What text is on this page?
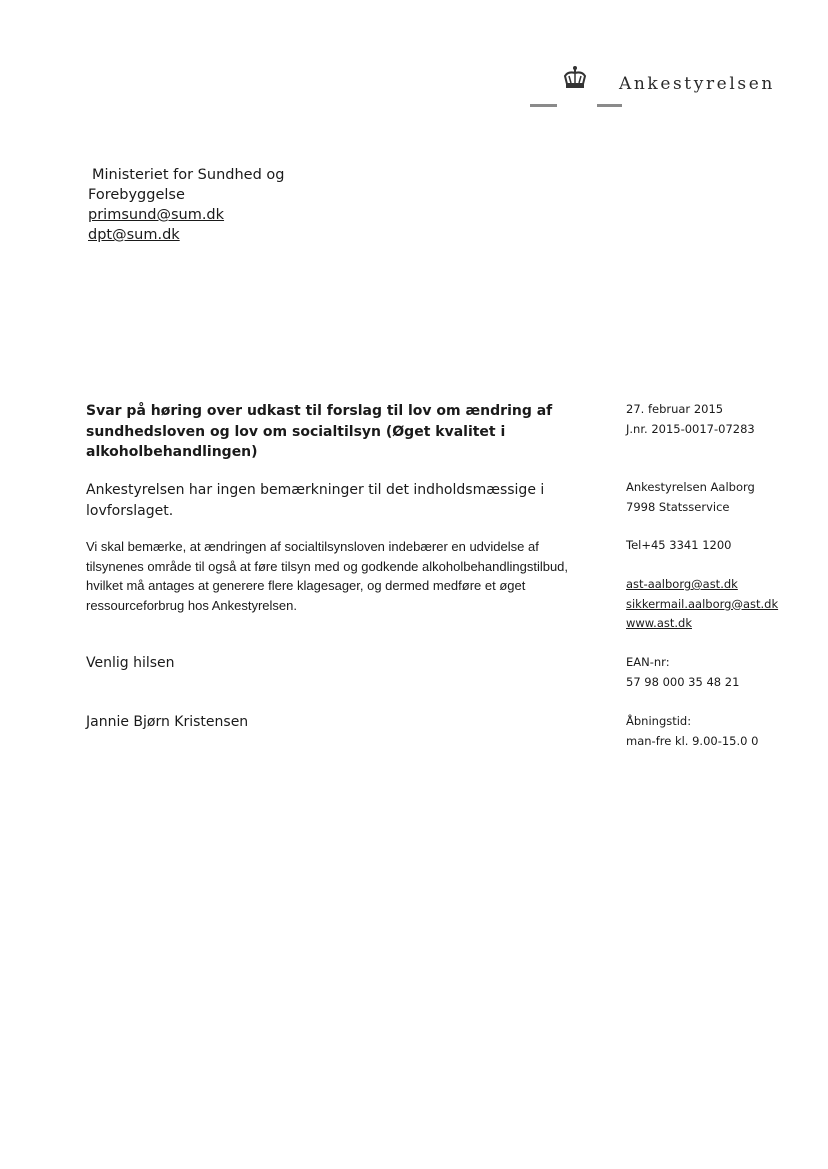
Ankestyrelsen
Ministeriet for Sundhed og
Forebyggelse
primsund@sum.dk
dpt@sum.dk
Svar på høring over udkast til forslag til lov om ændring af sundhedsloven og lov om socialtilsyn (Øget kvalitet i alkoholbehandlingen)
Ankestyrelsen har ingen bemærkninger til det indholdsmæssige i lovforslaget.
Vi skal bemærke, at ændringen af socialtilsynsloven indebærer en udvidelse af tilsynenes område til også at føre tilsyn med og godkende alkoholbehandlingstilbud, hvilket må antages at generere flere klagesager, og dermed medføre et øget ressourceforbrug hos Ankestyrelsen.
Venlig hilsen
Jannie Bjørn Kristensen
27. februar 2015
J.nr. 2015-0017-07283
Ankestyrelsen Aalborg
7998 Statsservice
Tel+45 3341 1200
ast-aalborg@ast.dk
sikkermail.aalborg@ast.dk
www.ast.dk
EAN-nr:
57 98 000 35 48 21
Åbningstid:
man-fre kl. 9.00-15.0 0
